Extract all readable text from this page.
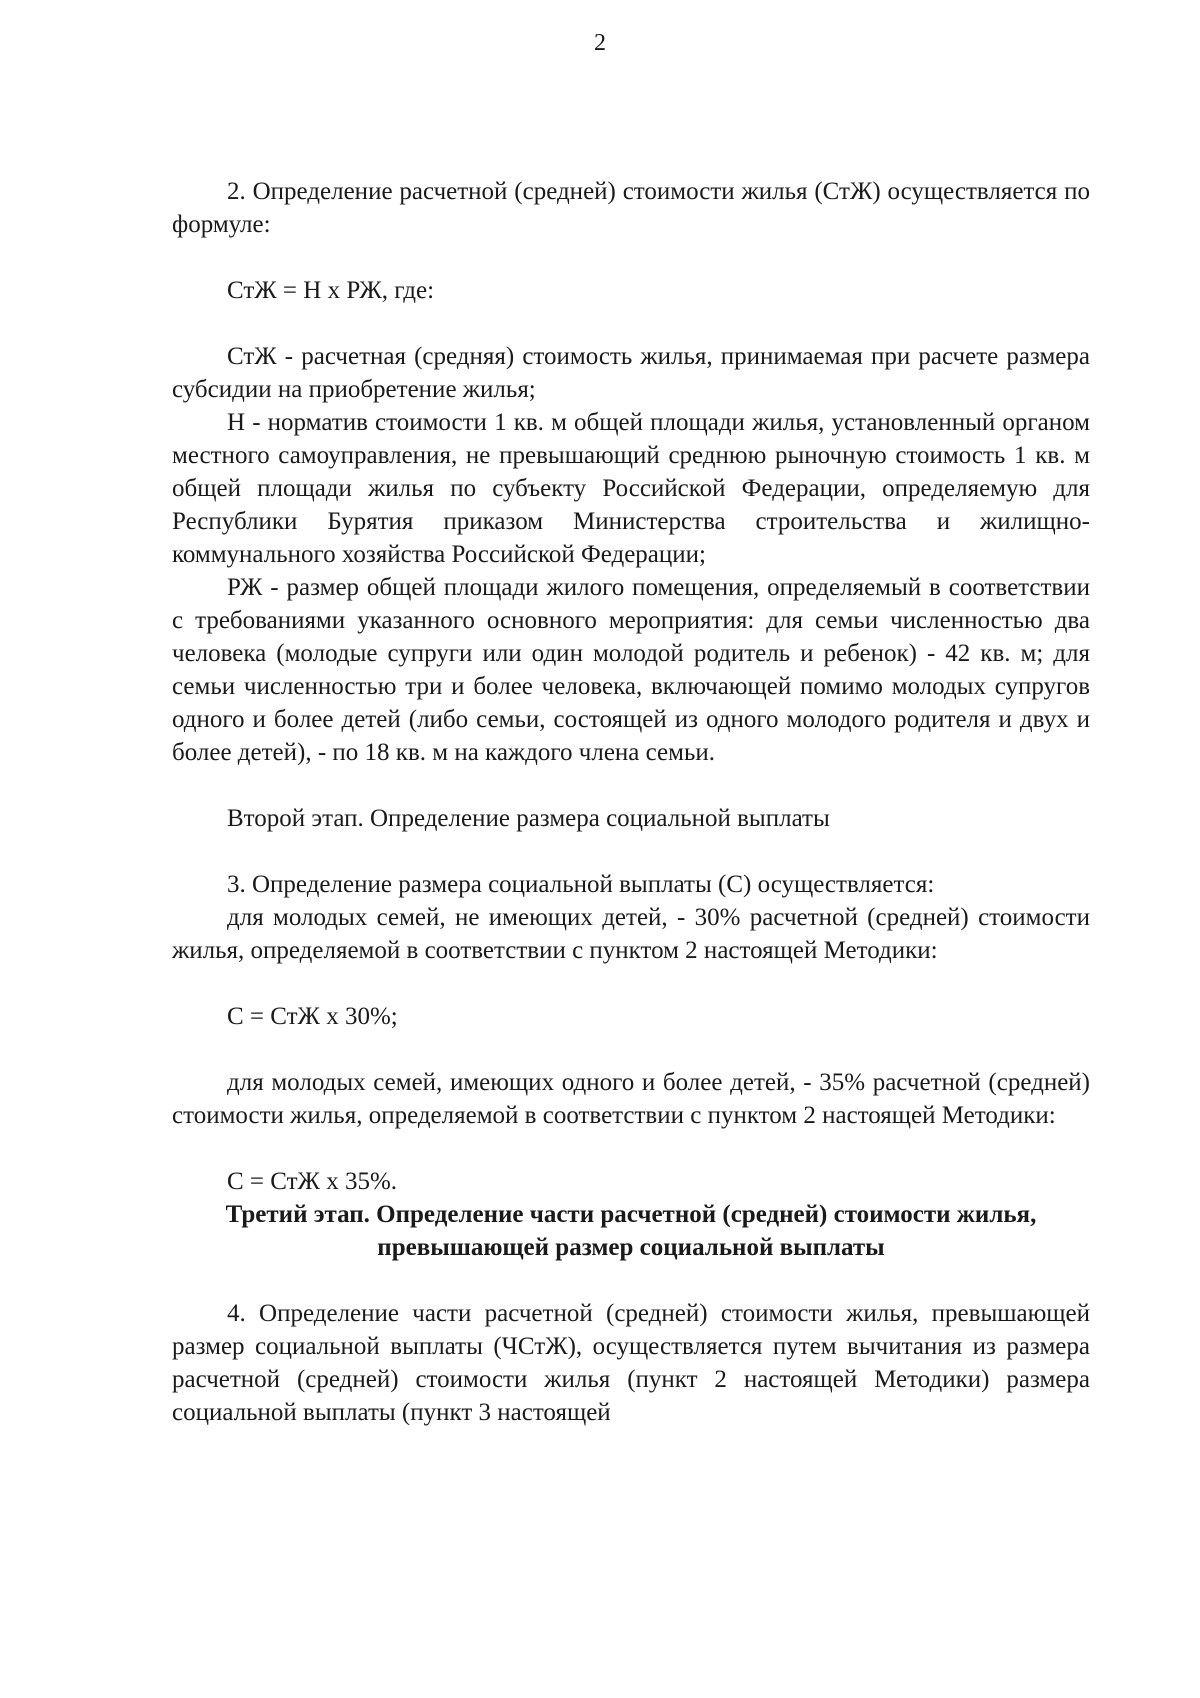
2

2. Определение расчетной (средней) стоимости жилья (СтЖ) осуществляется по формуле:

СтЖ = Н х РЖ, где:

СтЖ - расчетная (средняя) стоимость жилья, принимаемая при расчете размера субсидии на приобретение жилья;

Н - норматив стоимости 1 кв. м общей площади жилья, установленный органом местного самоуправления, не превышающий среднюю рыночную стоимость 1 кв. м общей площади жилья по субъекту Российской Федерации, определяемую для Республики Бурятия приказом Министерства строительства и жилищно-коммунального хозяйства Российской Федерации;

РЖ - размер общей площади жилого помещения, определяемый в соответствии с требованиями указанного основного мероприятия: для семьи численностью два человека (молодые супруги или один молодой родитель и ребенок) - 42 кв. м; для семьи численностью три и более человека, включающей помимо молодых супругов одного и более детей (либо семьи, состоящей из одного молодого родителя и двух и более детей), - по 18 кв. м на каждого члена семьи.

Второй этап. Определение размера социальной выплаты

3. Определение размера социальной выплаты (С) осуществляется:

для молодых семей, не имеющих детей, - 30% расчетной (средней) стоимости жилья, определяемой в соответствии с пунктом 2 настоящей Методики:

С = СтЖ х 30%;

для молодых семей, имеющих одного и более детей, - 35% расчетной (средней) стоимости жилья, определяемой в соответствии с пунктом 2 настоящей Методики:

С = СтЖ х 35%.

Третий этап. Определение части расчетной (средней) стоимости жилья, превышающей размер социальной выплаты

4. Определение части расчетной (средней) стоимости жилья, превышающей размер социальной выплаты (ЧСтЖ), осуществляется путем вычитания из размера расчетной (средней) стоимости жилья (пункт 2 настоящей Методики) размера социальной выплаты (пункт 3 настоящей
